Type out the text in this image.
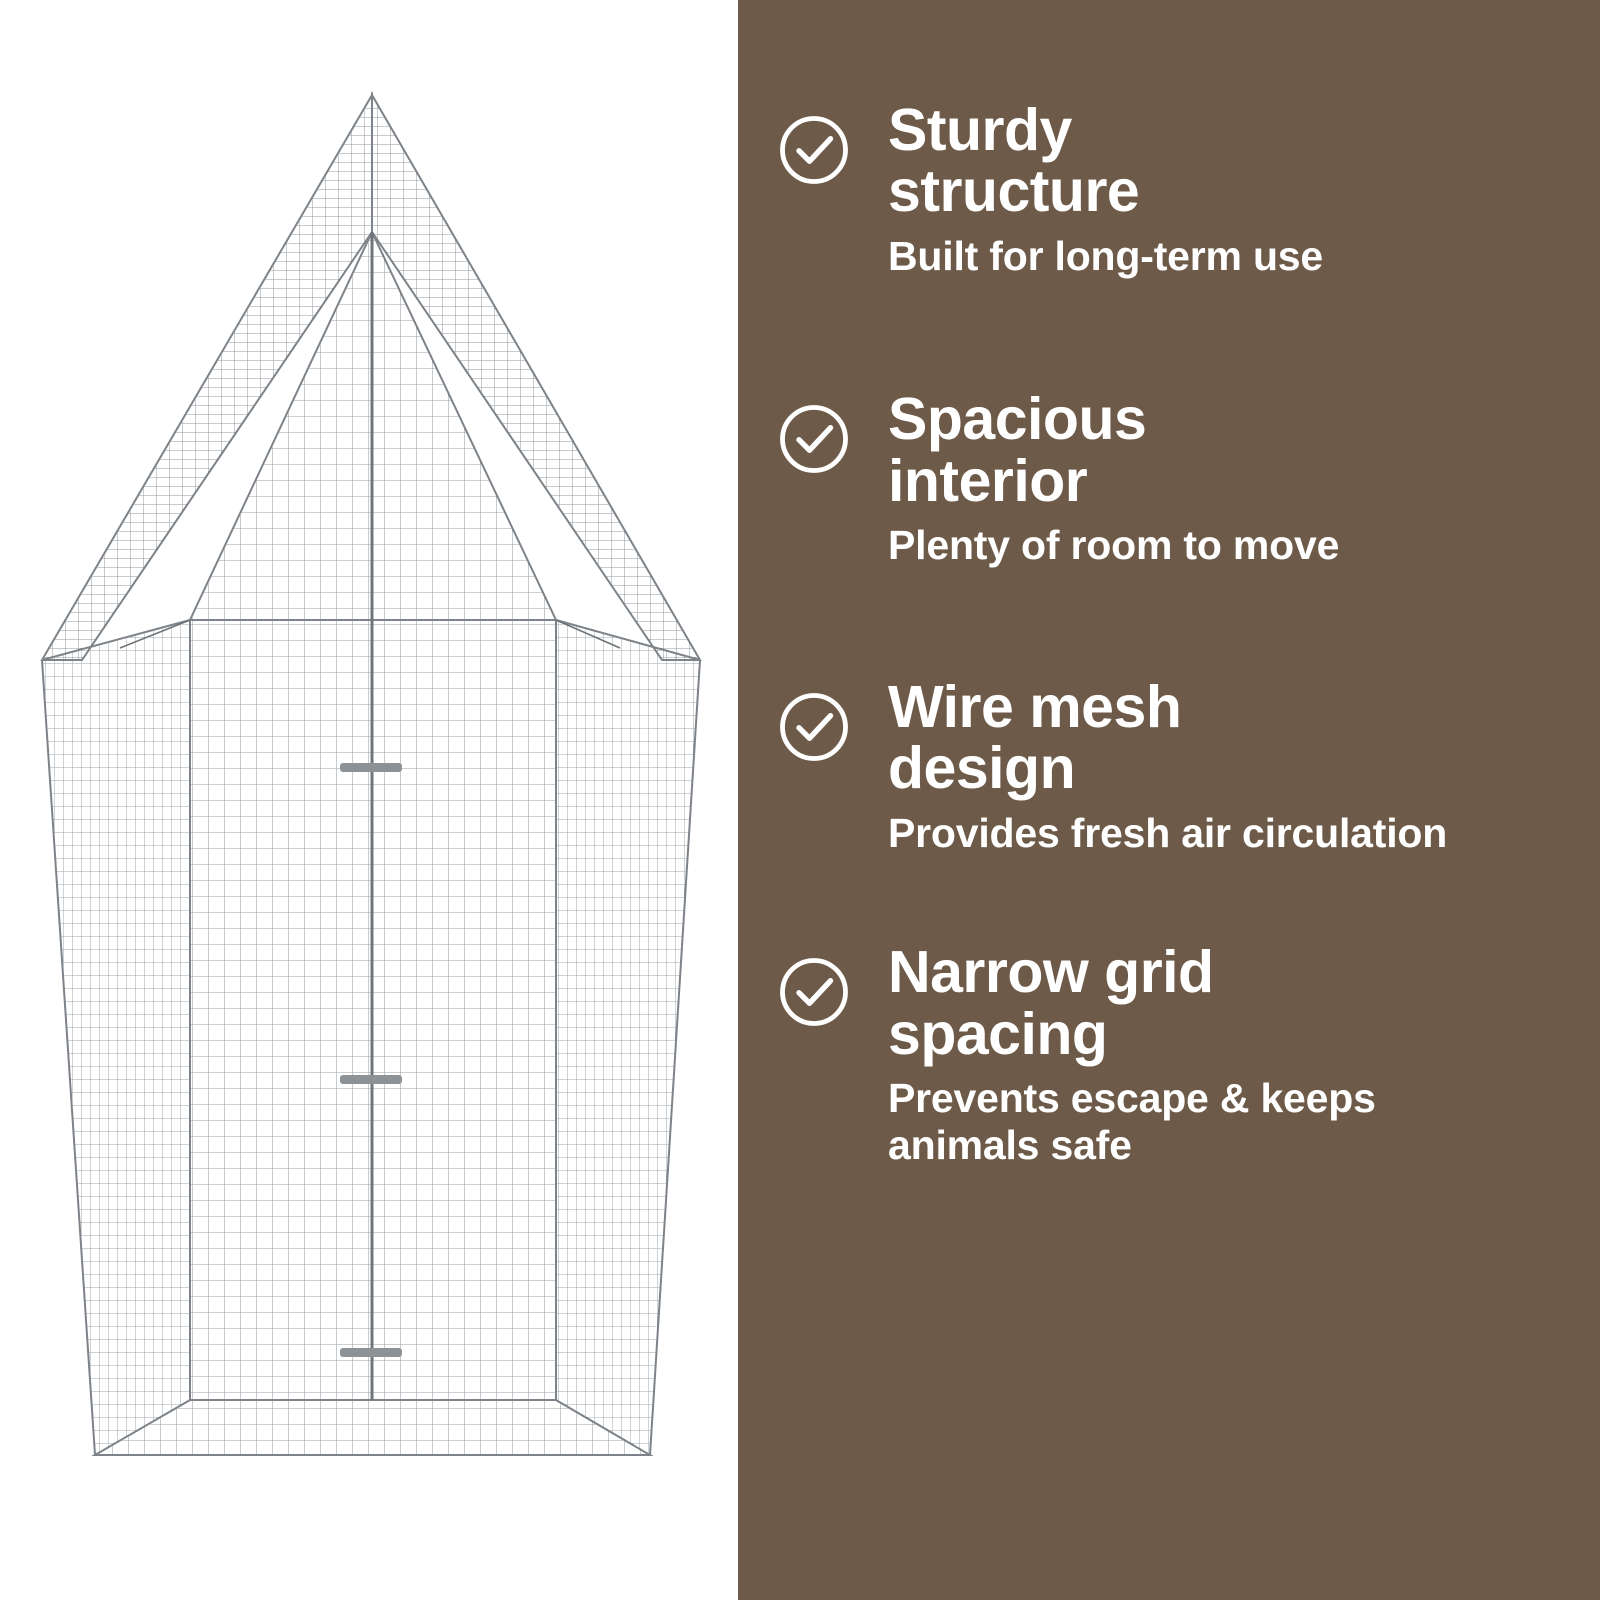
Sturdy structure

Built for long-term use

Spacious interior

Plenty of room to move

Wire mesh design

Provides fresh air circulation

Narrow grid spacing

Prevents escape & keeps animals safe
